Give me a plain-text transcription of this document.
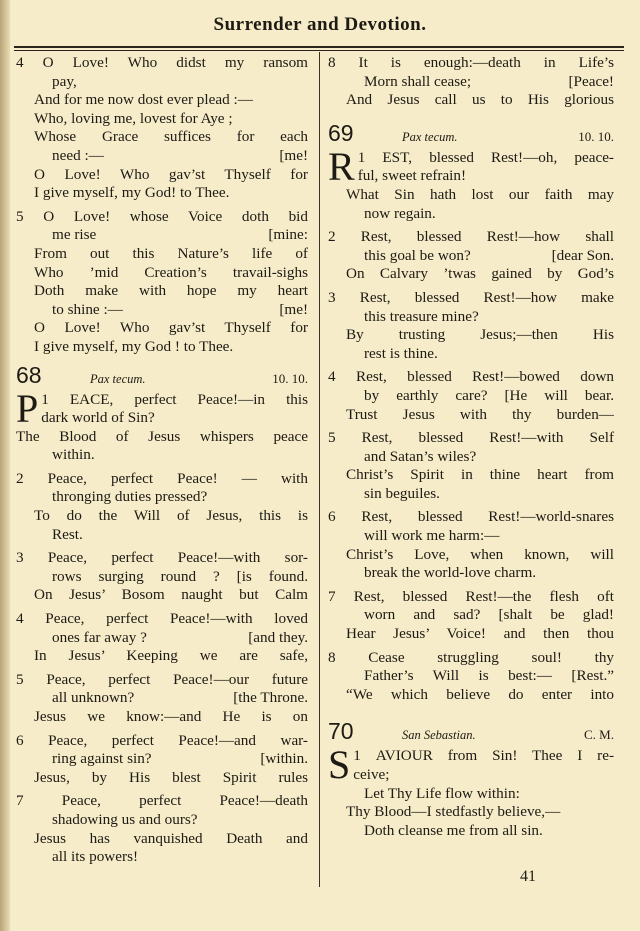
Surrender and Devotion.

4 O Love! Who didst my ransom

pay,

And for me now dost ever plead :—

Who, loving me, lovest for Aye ;

Whose Grace suffices for each

need :—	[me!

O Love! Who gav’st Thyself for

I give myself, my God! to Thee.

5 O Love! whose Voice doth bid

me rise	[mine:

From out this Nature’s life of

Who ’mid Creation’s travail-sighs

Doth make with hope my heart

to shine :—	[me!

O Love! Who gav’st Thyself for

I give myself, my God ! to Thee.

68	Pax tecum.	10. 10.

1
P EACE, perfect Peace!—in this

dark world of Sin?

The Blood of Jesus whispers peace

within.

2 Peace, perfect Peace! — with

thronging duties pressed?

To do the Will of Jesus, this is

Rest.

3 Peace, perfect Peace!—with sor-

rows surging round ? [is found.

On Jesus’ Bosom naught but Calm

4 Peace, perfect Peace!—with loved

ones far away ?	[and they.

In Jesus’ Keeping we are safe,

5 Peace, perfect Peace!—our future

all unknown?	[the Throne.

Jesus we know:—and He is on

6 Peace, perfect Peace!—and war-

ring against sin?	[within.

Jesus, by His blest Spirit rules

7	Peace, perfect Peace!—death

shadowing us and ours?

Jesus has vanquished Death and

all its powers!

8 It is enough:—death in Life’s

Morn shall cease;	[Peace!

And Jesus call us to His glorious

69	Pax tecum.	10. 10.

1
R EST, blessed Rest!—oh, peace-

ful, sweet refrain!

What Sin hath lost our faith may

now regain.

2 Rest, blessed Rest!—how shall

this goal be won?	[dear Son.

On Calvary ’twas gained by God’s

3 Rest, blessed Rest!—how make

this treasure mine?

By trusting Jesus;—then His

rest is thine.

4 Rest, blessed Rest!—bowed down

by earthly care? [He will bear.

Trust Jesus with thy burden—

5 Rest, blessed Rest!—with Self

and Satan’s wiles?

Christ’s Spirit in thine heart from

sin beguiles.

6 Rest, blessed Rest!—world-snares

will work me harm:—

Christ’s Love, when known, will

break the world-love charm.

7 Rest, blessed Rest!—the flesh oft

worn and sad? [shalt be glad!

Hear Jesus’ Voice! and then thou

8 Cease struggling soul! thy

Father’s Will is best:— [Rest.”

“We which believe do enter into

70	San Sebastian.	C. M.

1
S AVIOUR from Sin! Thee I re-

ceive;

Let Thy Life flow within:

Thy Blood—I stedfastly believe,—

Doth cleanse me from all sin.

41
